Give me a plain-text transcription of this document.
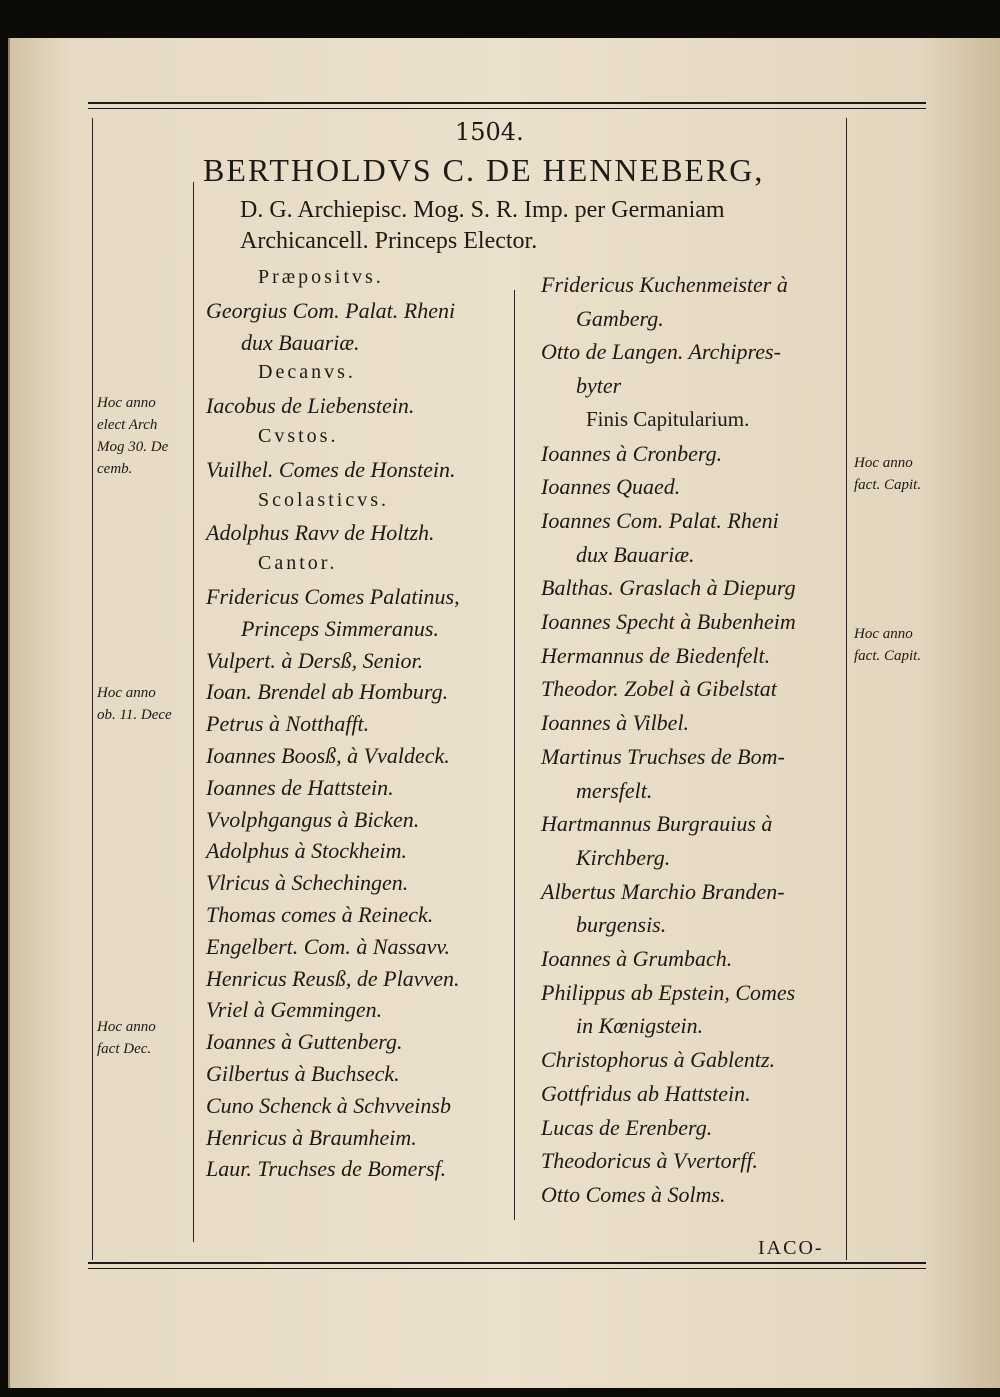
1504.
BERTHOLDVS C. DE HENNEBERG,
D. G. Archiepisc. Mog. S. R. Imp. per Germaniam
Archicancell. Princeps Elector.
Præpositvs.
Georgius Com. Palat. Rheni
dux Bauariæ.
Decanvs.
Iacobus de Liebenstein.
Cvstos.
Vuilhel. Comes de Honstein.
Scolasticvs.
Adolphus Ravv de Holtzh.
Cantor.
Fridericus Comes Palatinus,
Princeps Simmeranus.
Vulpert. à Dersß, Senior.
Ioan. Brendel ab Homburg.
Petrus à Notthafft.
Ioannes Boosß, à Vvaldeck.
Ioannes de Hattstein.
Vvolphgangus à Bicken.
Adolphus à Stockheim.
Vlricus à Schechingen.
Thomas comes à Reineck.
Engelbert. Com. à Nassavv.
Henricus Reusß, de Plavven.
Vriel à Gemmingen.
Ioannes à Guttenberg.
Gilbertus à Buchseck.
Cuno Schenck à Schvveinsb
Henricus à Braumheim.
Laur. Truchses de Bomersf.
Fridericus Kuchenmeister à
Gamberg.
Otto de Langen. Archipres-
byter
Finis Capitularium.
Ioannes à Cronberg.
Ioannes Quaed.
Ioannes Com. Palat. Rheni
dux Bauariæ.
Balthas. Graslach à Diepurg
Ioannes Specht à Bubenheim
Hermannus de Biedenfelt.
Theodor. Zobel à Gibelstat
Ioannes à Vilbel.
Martinus Truchses de Bom-
mersfelt.
Hartmannus Burgrauius à
Kirchberg.
Albertus Marchio Branden-
burgensis.
Ioannes à Grumbach.
Philippus ab Epstein, Comes
in Kœnigstein.
Christophorus à Gablentz.
Gottfridus ab Hattstein.
Lucas de Erenberg.
Theodoricus à Vvertorff.
Otto Comes à Solms.
Hoc anno
elect Arch
Mog 30. De
cemb.
Hoc anno
ob. 11. Dece
Hoc anno
fact Dec.
Hoc anno
fact. Capit.
Hoc anno
fact. Capit.
IACO-
